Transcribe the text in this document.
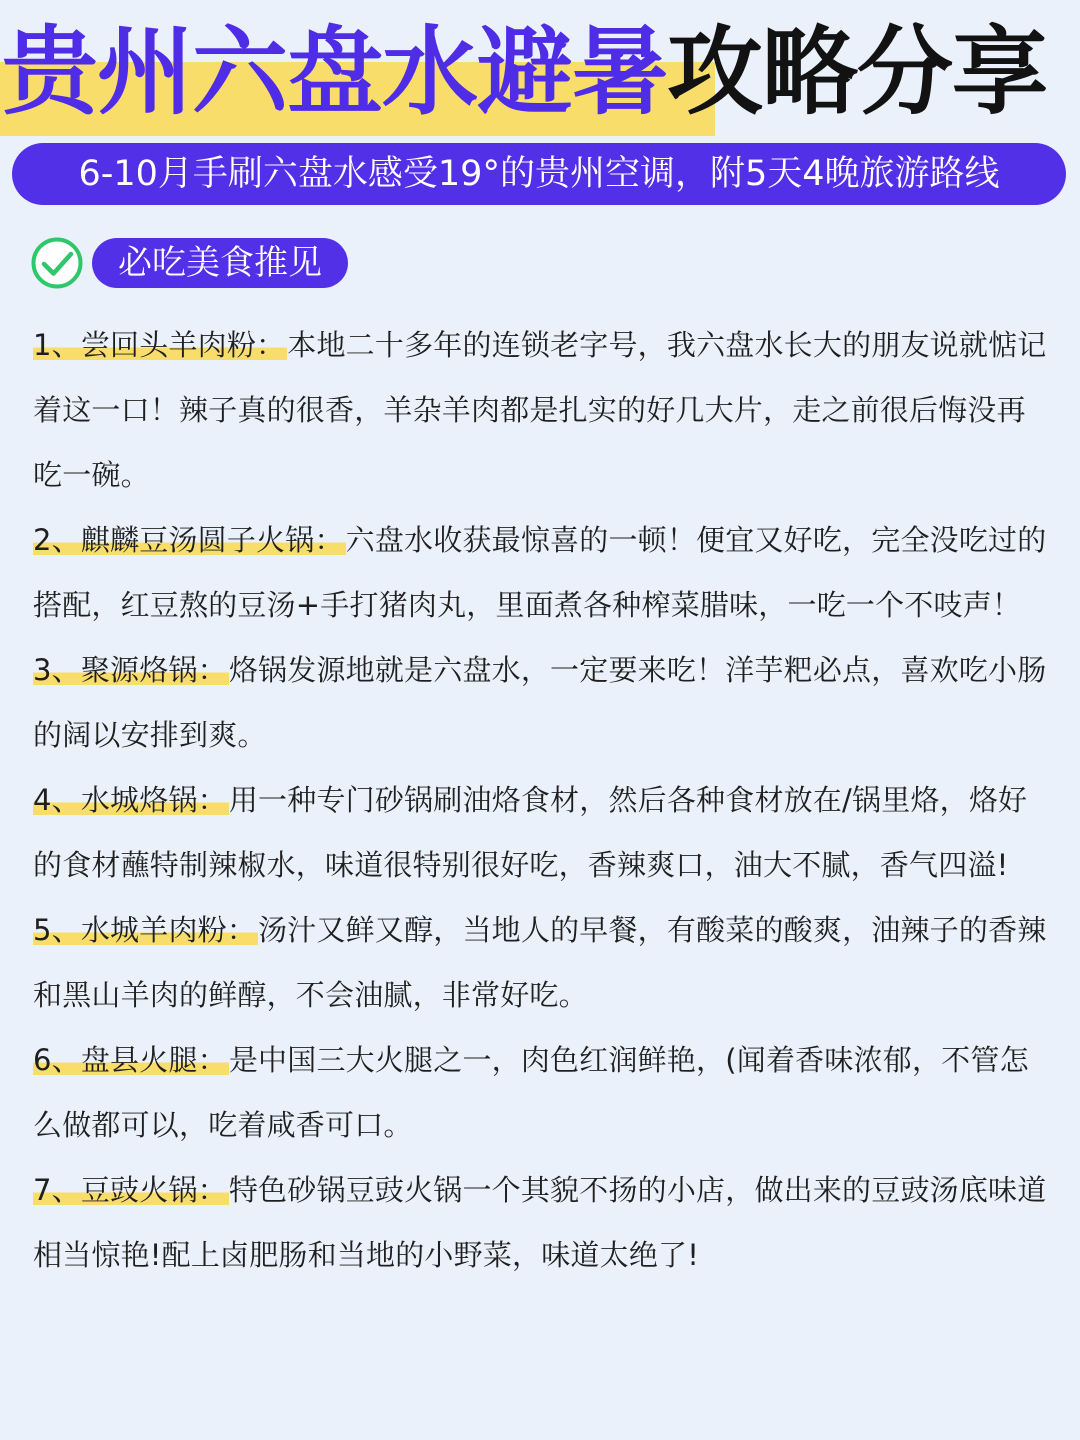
贵州六盘水避暑攻略分享
6-10月手刷六盘水感受19°的贵州空调，附5天4晚旅游路线
必吃美食推见
1、尝回头羊肉粉：本地二十多年的连锁老字号，我六盘水长大的朋友说就惦记着这一口！辣子真的很香，羊杂羊肉都是扎实的好几大片，走之前很后悔没再吃一碗。
2、麒麟豆汤圆子火锅：六盘水收获最惊喜的一顿！便宜又好吃，完全没吃过的搭配，红豆熬的豆汤+手打猪肉丸，里面煮各种榨菜腊味，一吃一个不吱声！
3、聚源烙锅：烙锅发源地就是六盘水，一定要来吃！洋芋粑必点，喜欢吃小肠的阔以安排到爽。
4、水城烙锅：用一种专门砂锅刷油烙食材，然后各种食材放在/锅里烙，烙好的食材蘸特制辣椒水，味道很特别很好吃，香辣爽口，油大不腻，香气四溢!
5、水城羊肉粉：汤汁又鲜又醇，当地人的早餐，有酸菜的酸爽，油辣子的香辣和黑山羊肉的鲜醇，不会油腻，非常好吃。
6、盘县火腿：是中国三大火腿之一，肉色红润鲜艳，(闻着香味浓郁，不管怎么做都可以，吃着咸香可口。
7、豆豉火锅：特色砂锅豆豉火锅一个其貌不扬的小店，做出来的豆豉汤底味道相当惊艳!配上卤肥肠和当地的小野菜，味道太绝了!
